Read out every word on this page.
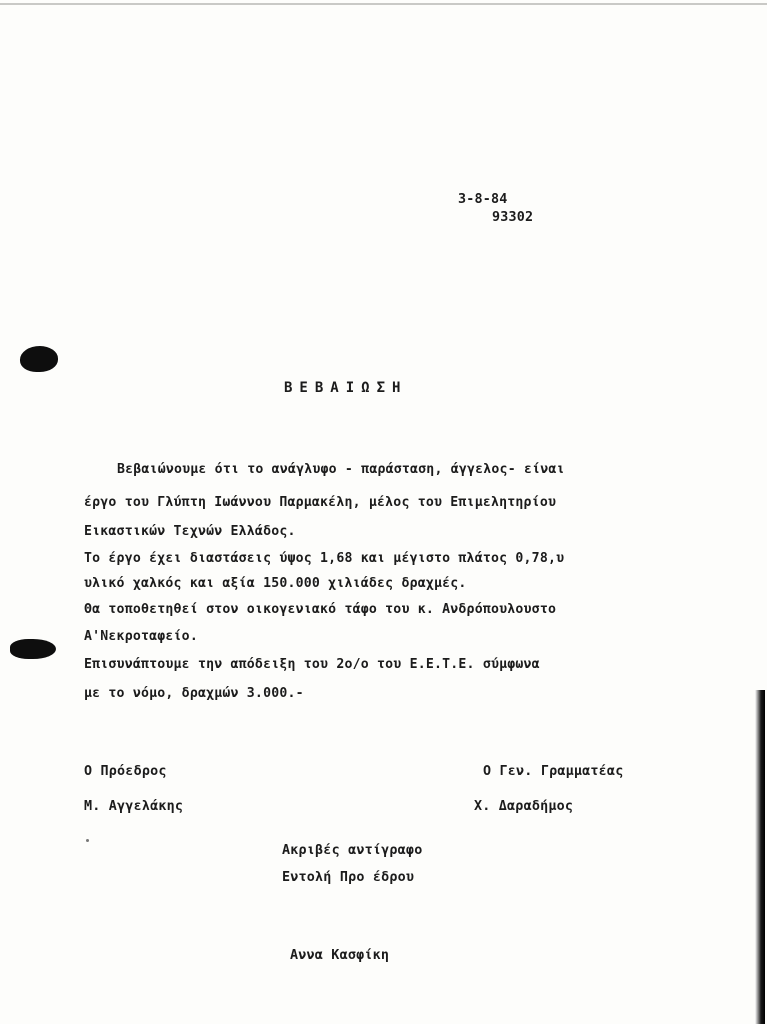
3-8-84
93302
ΒΕΒΑΙΩΣΗ
Βεβαιώνουμε ότι το ανάγλυφο - παράσταση, άγγελος- είναι
έργο του Γλύπτη Ιωάννου Παρμακέλη, μέλος του Επιμελητηρίου
Εικαστικών Τεχνών Ελλάδος.
Το έργο έχει διαστάσεις ύψος 1,68 και μέγιστο πλάτος 0,78,υ
υλικό χαλκός και αξία 150.000 χιλιάδες δραχμές.
Θα τοποθετηθεί στον οικογενιακό τάφο του κ. Ανδρόπουλουστο
Α'Νεκροταφείο.
Επισυνάπτουμε την απόδειξη του 2ο/ο του Ε.Ε.Τ.Ε. σύμφωνα
με το νόμο, δραχμών 3.000.-
Ο Πρόεδρος	Ο Γεν. Γραμματέας
Μ. Αγγελάκης	Χ. Δαραδήμος
Ακριβές αντίγραφο
Εντολή Προ έδρου
Αννα Κασφίκη
